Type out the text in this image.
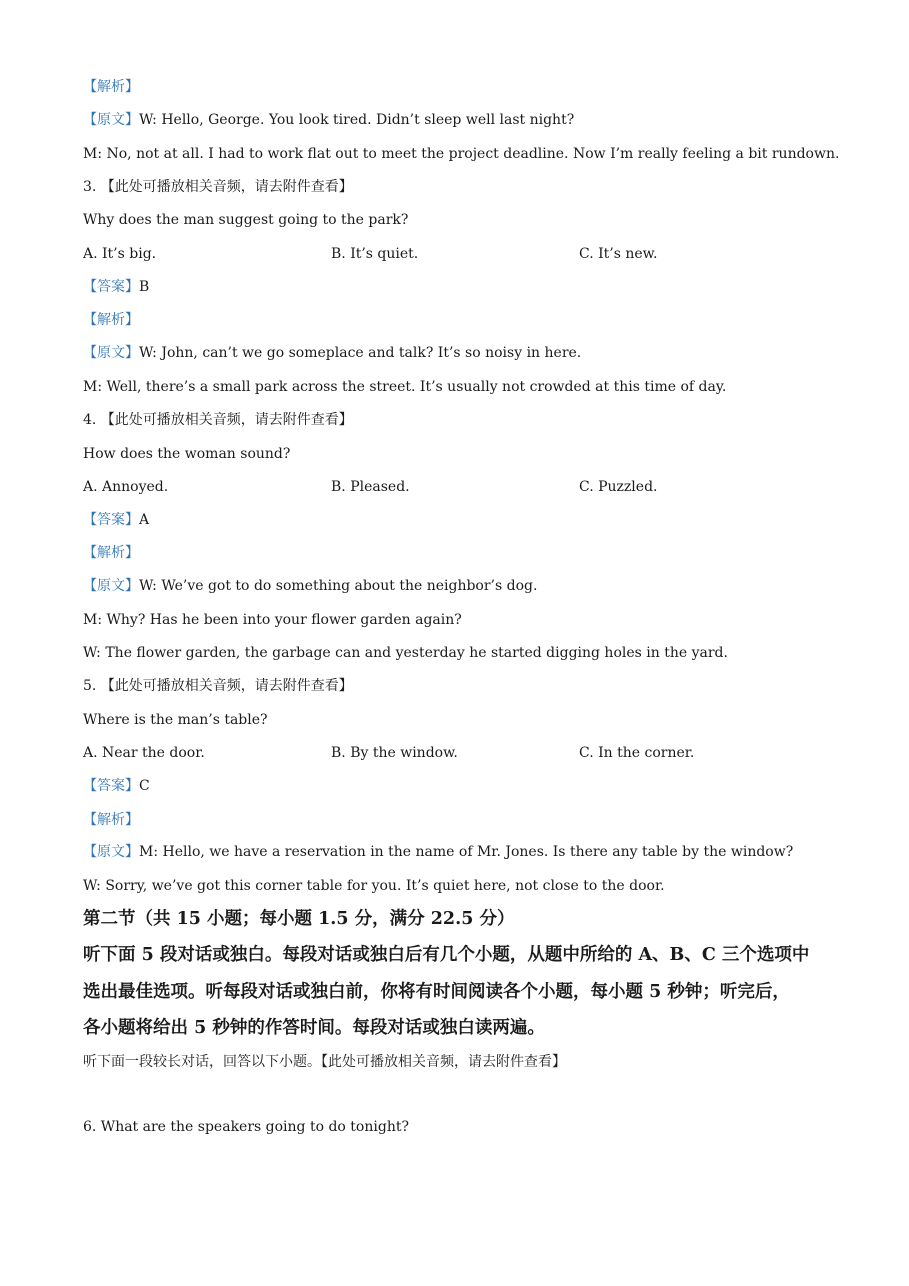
【解析】
【原文】W: Hello, George. You look tired. Didn’t sleep well last night?
M: No, not at all. I had to work flat out to meet the project deadline. Now I’m really feeling a bit rundown.
3. 【此处可播放相关音频，请去附件查看】
Why does the man suggest going to the park?
A. It’s big.	B. It’s quiet.	C. It’s new.
【答案】B
【解析】
【原文】W: John, can’t we go someplace and talk? It’s so noisy in here.
M: Well, there’s a small park across the street. It’s usually not crowded at this time of day.
4. 【此处可播放相关音频，请去附件查看】
How does the woman sound?
A. Annoyed.	B. Pleased.	C. Puzzled.
【答案】A
【解析】
【原文】W: We’ve got to do something about the neighbor’s dog.
M: Why? Has he been into your flower garden again?
W: The flower garden, the garbage can and yesterday he started digging holes in the yard.
5. 【此处可播放相关音频，请去附件查看】
Where is the man’s table?
A. Near the door.	B. By the window.	C. In the corner.
【答案】C
【解析】
【原文】M: Hello, we have a reservation in the name of Mr. Jones. Is there any table by the window?
W: Sorry, we’ve got this corner table for you. It’s quiet here, not close to the door.
第二节（共 15 小题；每小题 1.5 分，满分 22.5 分）
听下面 5 段对话或独白。每段对话或独白后有几个小题，从题中所给的 A、B、C 三个选项中
选出最佳选项。听每段对话或独白前，你将有时间阅读各个小题，每小题 5 秒钟；听完后，
各小题将给出 5 秒钟的作答时间。每段对话或独白读两遍。
听下面一段较长对话，回答以下小题。【此处可播放相关音频，请去附件查看】
6. What are the speakers going to do tonight?
